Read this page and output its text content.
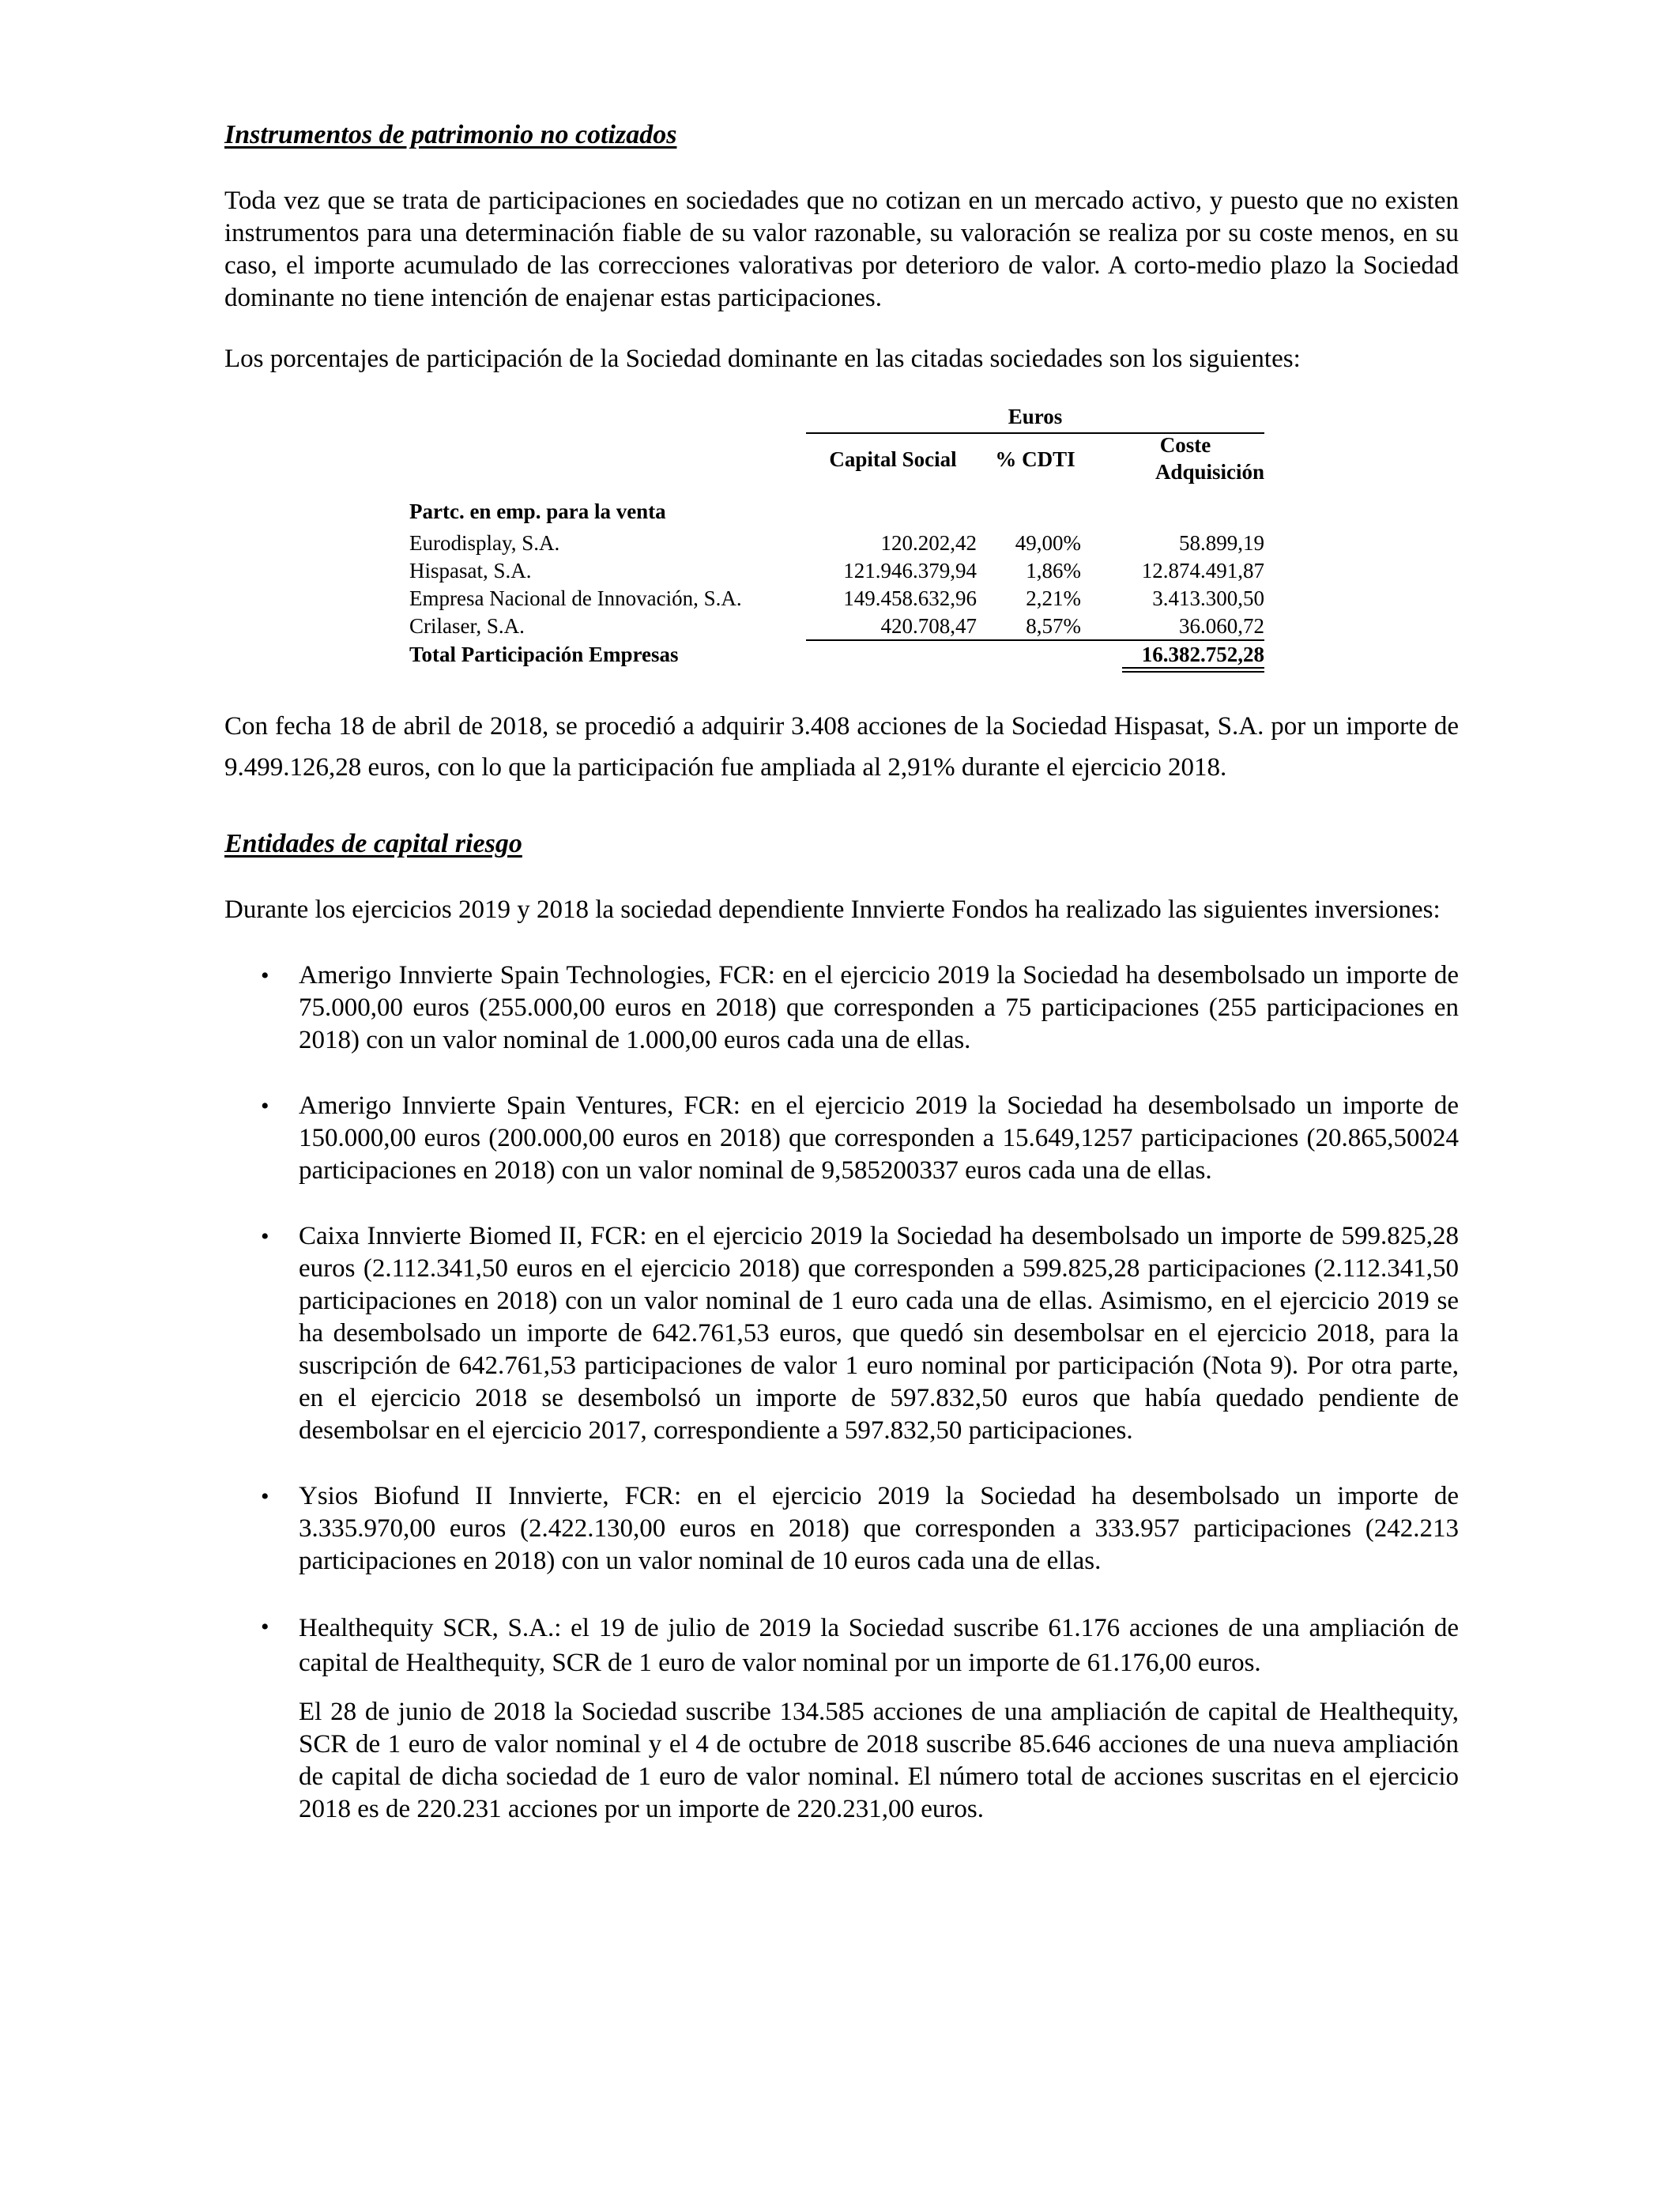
Instrumentos de patrimonio no cotizados

Toda vez que se trata de participaciones en sociedades que no cotizan en un mercado activo, y puesto que no existen instrumentos para una determinación fiable de su valor razonable, su valoración se realiza por su coste menos, en su caso, el importe acumulado de las correcciones valorativas por deterioro de valor. A corto-medio plazo la Sociedad dominante no tiene intención de enajenar estas participaciones.

Los porcentajes de participación de la Sociedad dominante en las citadas sociedades son los siguientes:

Euros
Capital Social	% CDTI
Coste
Adquisición
Partc. en emp. para la venta
Eurodisplay, S.A.	120.202,42	49,00%	58.899,19
Hispasat, S.A.	121.946.379,94	1,86%	12.874.491,87
Empresa Nacional de Innovación, S.A.	149.458.632,96	2,21%	3.413.300,50
Crilaser, S.A.	420.708,47	8,57%	36.060,72
Total Participación Empresas	16.382.752,28

Con fecha 18 de abril de 2018, se procedió a adquirir 3.408 acciones de la Sociedad Hispasat, S.A. por un importe de 9.499.126,28 euros, con lo que la participación fue ampliada al 2,91% durante el ejercicio 2018.

Entidades de capital riesgo

Durante los ejercicios 2019 y 2018 la sociedad dependiente Innvierte Fondos ha realizado las siguientes inversiones:

• Amerigo Innvierte Spain Technologies, FCR: en el ejercicio 2019 la Sociedad ha desembolsado un importe de 75.000,00 euros (255.000,00 euros en 2018) que corresponden a 75 participaciones (255 participaciones en 2018) con un valor nominal de 1.000,00 euros cada una de ellas.

• Amerigo Innvierte Spain Ventures, FCR: en el ejercicio 2019 la Sociedad ha desembolsado un importe de 150.000,00 euros (200.000,00 euros en 2018) que corresponden a 15.649,1257 participaciones (20.865,50024 participaciones en 2018) con un valor nominal de 9,585200337 euros cada una de ellas.

• Caixa Innvierte Biomed II, FCR: en el ejercicio 2019 la Sociedad ha desembolsado un importe de 599.825,28 euros (2.112.341,50 euros en el ejercicio 2018) que corresponden a 599.825,28 participaciones (2.112.341,50 participaciones en 2018) con un valor nominal de 1 euro cada una de ellas. Asimismo, en el ejercicio 2019 se ha desembolsado un importe de 642.761,53 euros, que quedó sin desembolsar en el ejercicio 2018, para la suscripción de 642.761,53 participaciones de valor 1 euro nominal por participación (Nota 9). Por otra parte, en el ejercicio 2018 se desembolsó un importe de 597.832,50 euros que había quedado pendiente de desembolsar en el ejercicio 2017, correspondiente a 597.832,50 participaciones.

• Ysios Biofund II Innvierte, FCR: en el ejercicio 2019 la Sociedad ha desembolsado un importe de 3.335.970,00 euros (2.422.130,00 euros en 2018) que corresponden a 333.957 participaciones (242.213 participaciones en 2018) con un valor nominal de 10 euros cada una de ellas.

• Healthequity SCR, S.A.: el 19 de julio de 2019 la Sociedad suscribe 61.176 acciones de una ampliación de capital de Healthequity, SCR de 1 euro de valor nominal por un importe de 61.176,00 euros.

El 28 de junio de 2018 la Sociedad suscribe 134.585 acciones de una ampliación de capital de Healthequity, SCR de 1 euro de valor nominal y el 4 de octubre de 2018 suscribe 85.646 acciones de una nueva ampliación de capital de dicha sociedad de 1 euro de valor nominal. El número total de acciones suscritas en el ejercicio 2018 es de 220.231 acciones por un importe de 220.231,00 euros.
